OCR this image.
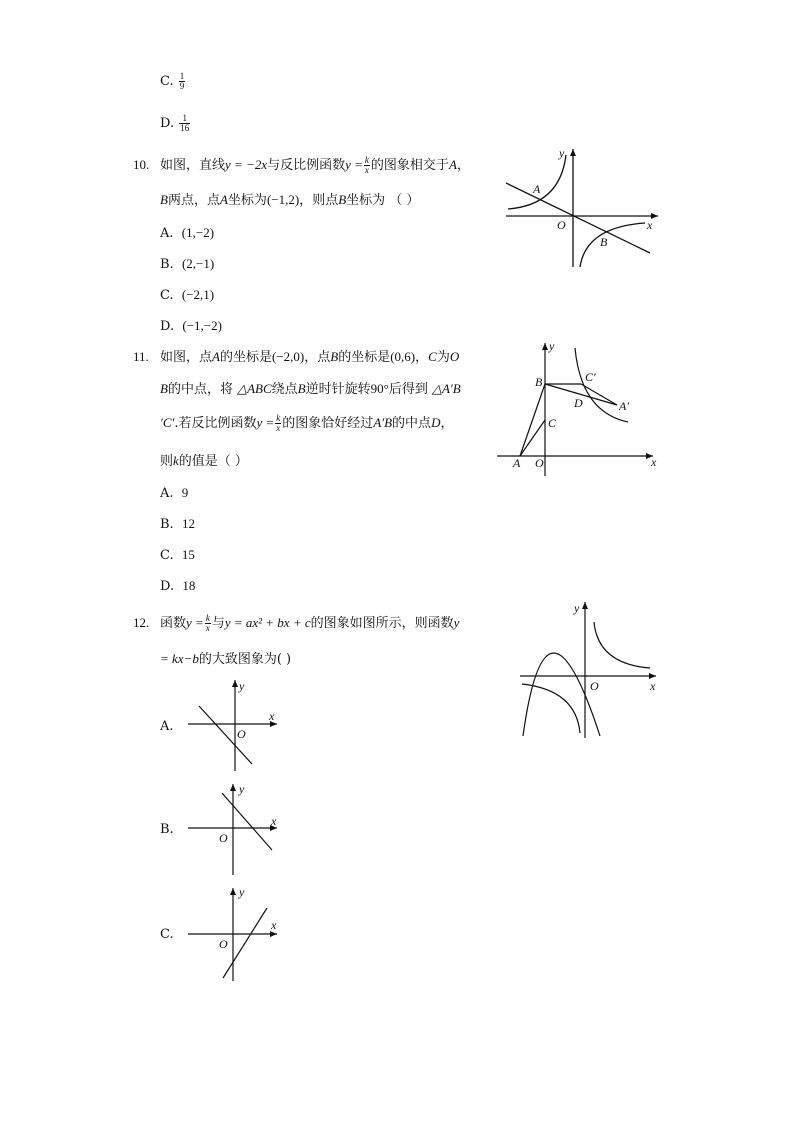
C. $\frac{1}{9}$
D. $\frac{1}{16}$
10. 如图，直线y = −2x与反比例函数$y = \frac{k}{x}$ 的图象相交于A，
B两点，点A坐标为(−1,2)，则点B坐标为 （ ）
A. (1,−2)
B. (2,−1)
C. (−2,1)
D. (−1,−2)
y
x
O
A
B
11. 如图，点A的坐标是(−2,0)，点B的坐标是(0,6)，C为O
B的中点，将 △ABC绕点B逆时针旋转90°后得到 △A′B
′C′.若反比例函数$y = \frac{k}{x}$ 的图象恰好经过A′B的中点D，
则k的值是（ ）
A. 9
B. 12
C. 15
D. 18
y
x
O
A
B
C
C′
D	A′
12. 函数$y = \frac{k}{x}$ 与y = ax² + bx + c的图象如图所示，则函数y
= kx−b的大致图象为( )
y
x
O
A.
y
x
O
B.
y
x
O
C.
y
x
O
